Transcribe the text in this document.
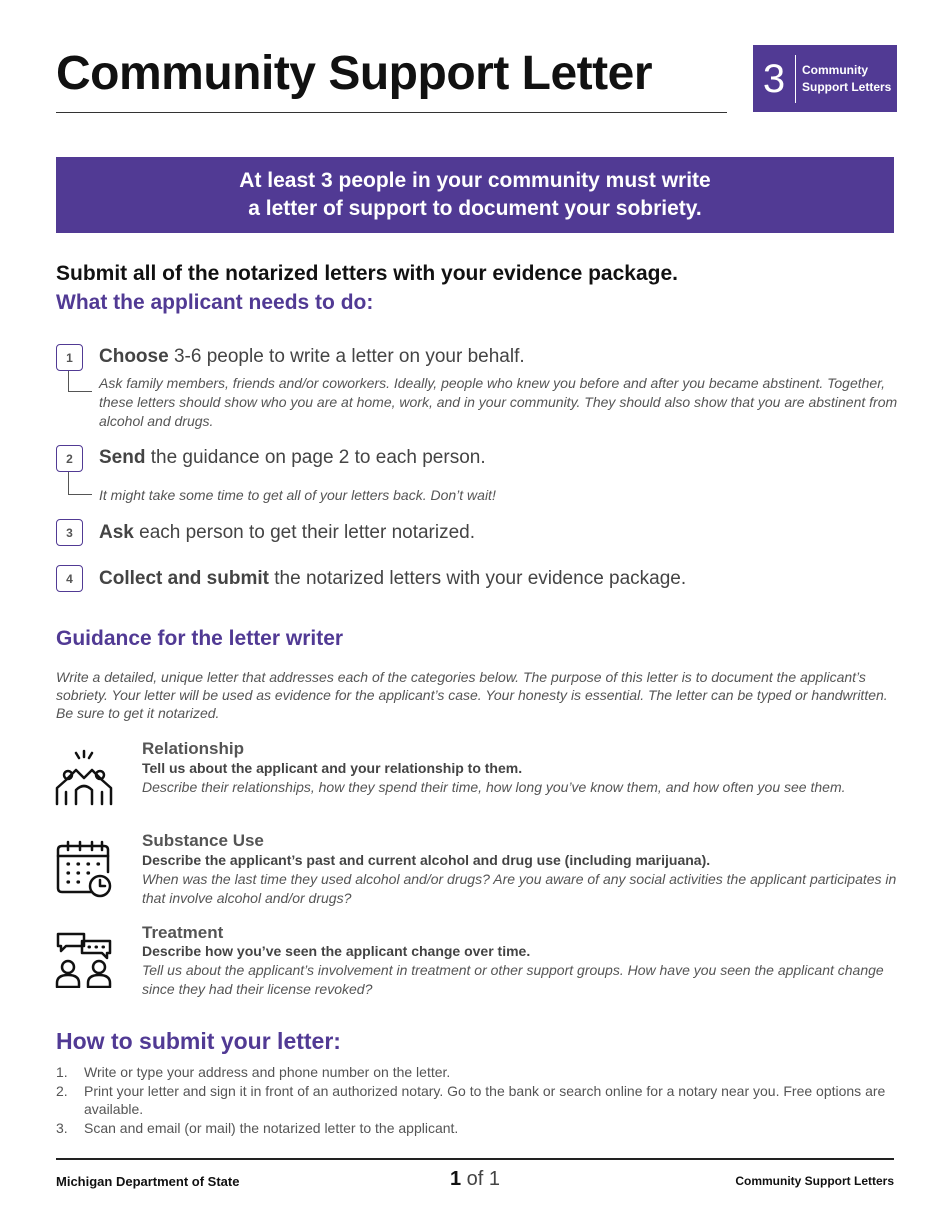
Community Support Letter	3	Community
Support Letters
At least 3 people in your community must write
a letter of support to document your sobriety.
Submit all of the notarized letters with your evidence package.
What the applicant needs to do:
1	Choose 3-6 people to write a letter on your behalf.
Ask family members, friends and/or coworkers. Ideally, people who knew you before and after you became abstinent. Together, these letters should show who you are at home, work, and in your community. They should also show that you are abstinent from alcohol and drugs.
2	Send the guidance on page 2 to each person.
It might take some time to get all of your letters back. Don’t wait!
3	Ask each person to get their letter notarized.
4	Collect and submit the notarized letters with your evidence package.
Guidance for the letter writer
Write a detailed, unique letter that addresses each of the categories below. The purpose of this letter is to document the applicant’s sobriety. Your letter will be used as evidence for the applicant’s case. Your honesty is essential. The letter can be typed or handwritten. Be sure to get it notarized.
Relationship
Tell us about the applicant and your relationship to them.
Describe their relationships, how they spend their time, how long you’ve know them, and how often you see them.
Substance Use
Describe the applicant’s past and current alcohol and drug use (including marijuana).
When was the last time they used alcohol and/or drugs? Are you aware of any social activities the applicant participates in that involve alcohol and/or drugs?
Treatment
Describe how you’ve seen the applicant change over time.
Tell us about the applicant’s involvement in treatment or other support groups. How have you seen the applicant change since they had their license revoked?
How to submit your letter:
1.	Write or type your address and phone number on the letter.
2.	Print your letter and sign it in front of an authorized notary. Go to the bank or search online for a notary near you. Free options are available.
3.	Scan and email (or mail) the notarized letter to the applicant.
Michigan Department of State	1 of 1	Community Support Letters
